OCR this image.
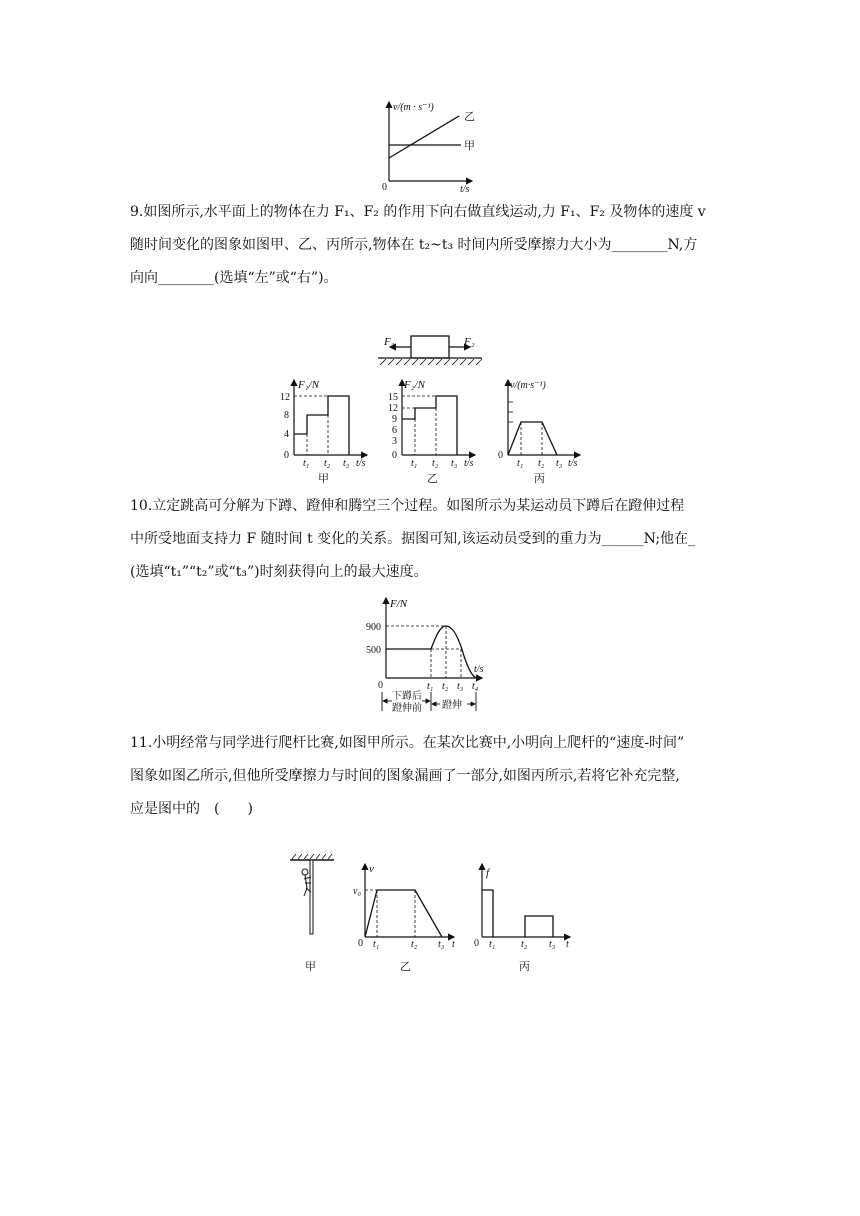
v/(m · s⁻¹)
t/s
0
乙
甲
9.如图所示,水平面上的物体在力 F₁、F₂ 的作用下向右做直线运动,力 F₁、F₂ 及物体的速度 v
随时间变化的图象如图甲、乙、丙所示,物体在 t₂~t₃ 时间内所受摩擦力大小为________N,方
向向________(选填“左”或“右”)。
F₁	F₂
F₁/N
12
8
4
0
t₁ t₂ t₃ t/s
甲
F₂/N
15
12
9
6
3
0
t₁ t₂ t₃ t/s
乙
v/(m·s⁻¹)
0
t₁ t₂ t₃ t/s
丙
10.立定跳高可分解为下蹲、蹬伸和腾空三个过程。如图所示为某运动员下蹲后在蹬伸过程
中所受地面支持力 F 随时间 t 变化的关系。据图可知,该运动员受到的重力为______N;他在_
(选填“t₁”“t₂”或“t₃”)时刻获得向上的最大速度。
F/N
900
500
0	t₁ t₂ t₃ t₄
t/s
下蹲后
蹬伸前 蹬伸
11.小明经常与同学进行爬杆比赛,如图甲所示。在某次比赛中,小明向上爬杆的“速度-时间”
图象如图乙所示,但他所受摩擦力与时间的图象漏画了一部分,如图丙所示,若将它补充完整,
应是图中的　(　　)
甲
v
v₀
0 t₁	t₂ t₃ t
乙
f
0 t₁	t₂ t₃ t
丙
